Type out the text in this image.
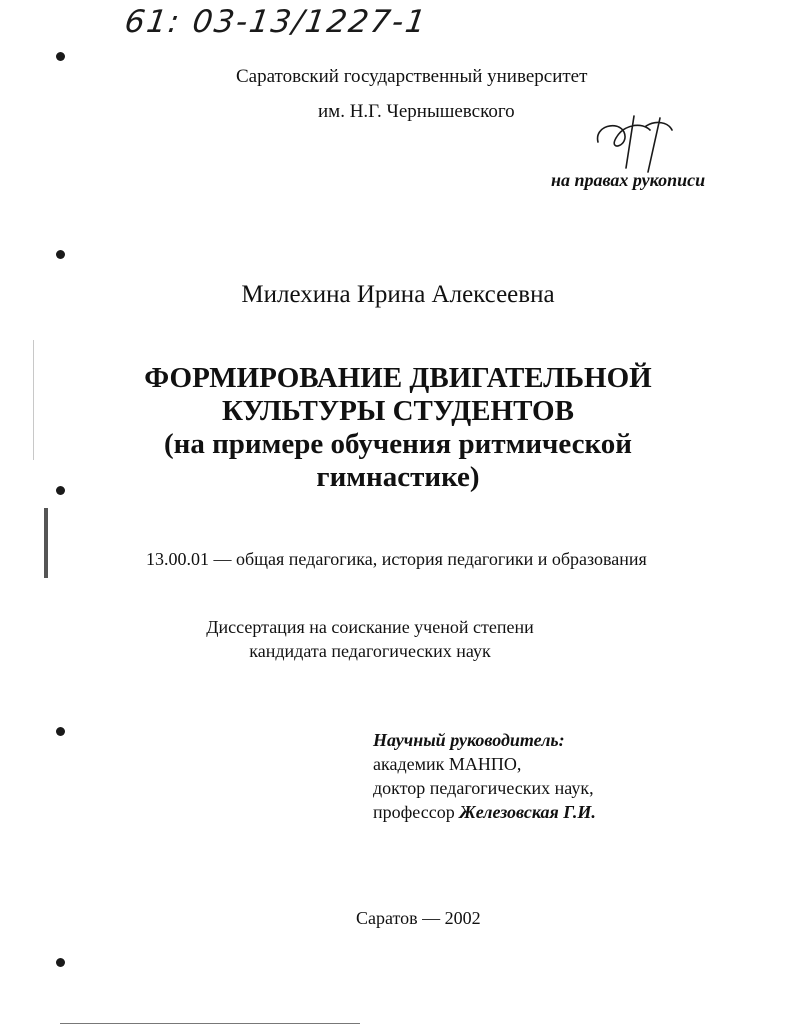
61: 03-13/1227-1
Саратовский государственный университет
им. Н.Г. Чернышевского
на правах рукописи
Милехина Ирина Алексеевна
ФОРМИРОВАНИЕ ДВИГАТЕЛЬНОЙ
КУЛЬТУРЫ СТУДЕНТОВ
(на примере обучения ритмической
гимнастике)
13.00.01 — общая педагогика, история педагогики и образования
Диссертация на соискание ученой степени
кандидата педагогических наук
Научный руководитель:
академик МАНПО,
доктор педагогических наук,
профессор Железовская Г.И.
Саратов — 2002
